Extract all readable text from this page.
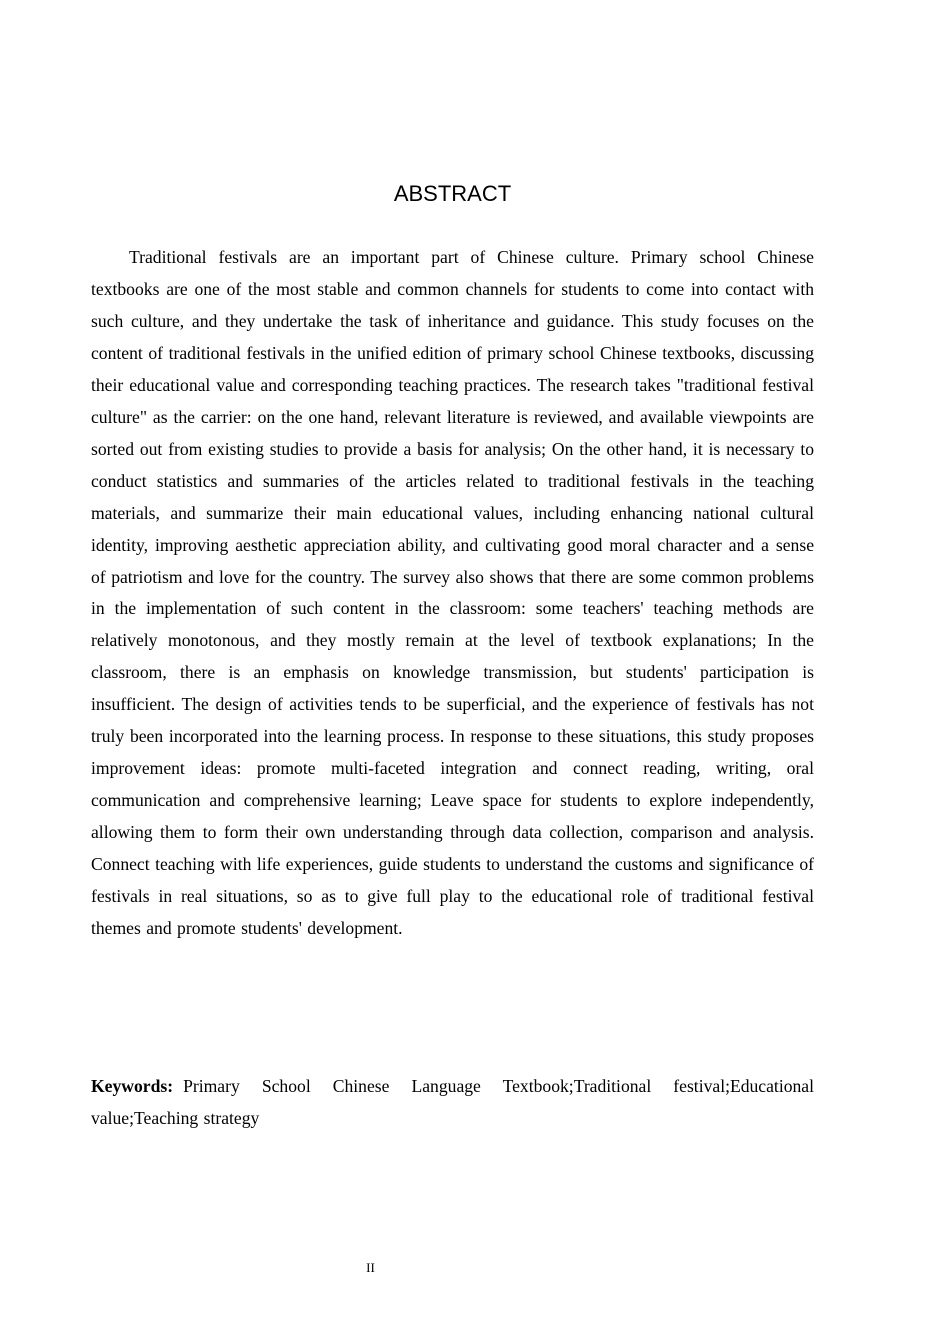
ABSTRACT

Traditional festivals are an important part of Chinese culture. Primary school Chinese textbooks are one of the most stable and common channels for students to come into contact with such culture, and they undertake the task of inheritance and guidance. This study focuses on the content of traditional festivals in the unified edition of primary school Chinese textbooks, discussing their educational value and corresponding teaching practices. The research takes "traditional festival culture" as the carrier: on the one hand, relevant literature is reviewed, and available viewpoints are sorted out from existing studies to provide a basis for analysis; On the other hand, it is necessary to conduct statistics and summaries of the articles related to traditional festivals in the teaching materials, and summarize their main educational values, including enhancing national cultural identity, improving aesthetic appreciation ability, and cultivating good moral character and a sense of patriotism and love for the country. The survey also shows that there are some common problems in the implementation of such content in the classroom: some teachers' teaching methods are relatively monotonous, and they mostly remain at the level of textbook explanations; In the classroom, there is an emphasis on knowledge transmission, but students' participation is insufficient. The design of activities tends to be superficial, and the experience of festivals has not truly been incorporated into the learning process. In response to these situations, this study proposes improvement ideas: promote multi-faceted integration and connect reading, writing, oral communication and comprehensive learning; Leave space for students to explore independently, allowing them to form their own understanding through data collection, comparison and analysis. Connect teaching with life experiences, guide students to understand the customs and significance of festivals in real situations, so as to give full play to the educational role of traditional festival themes and promote students' development.

Keywords: Primary School Chinese Language Textbook;Traditional festival;Educational value;Teaching strategy

II
